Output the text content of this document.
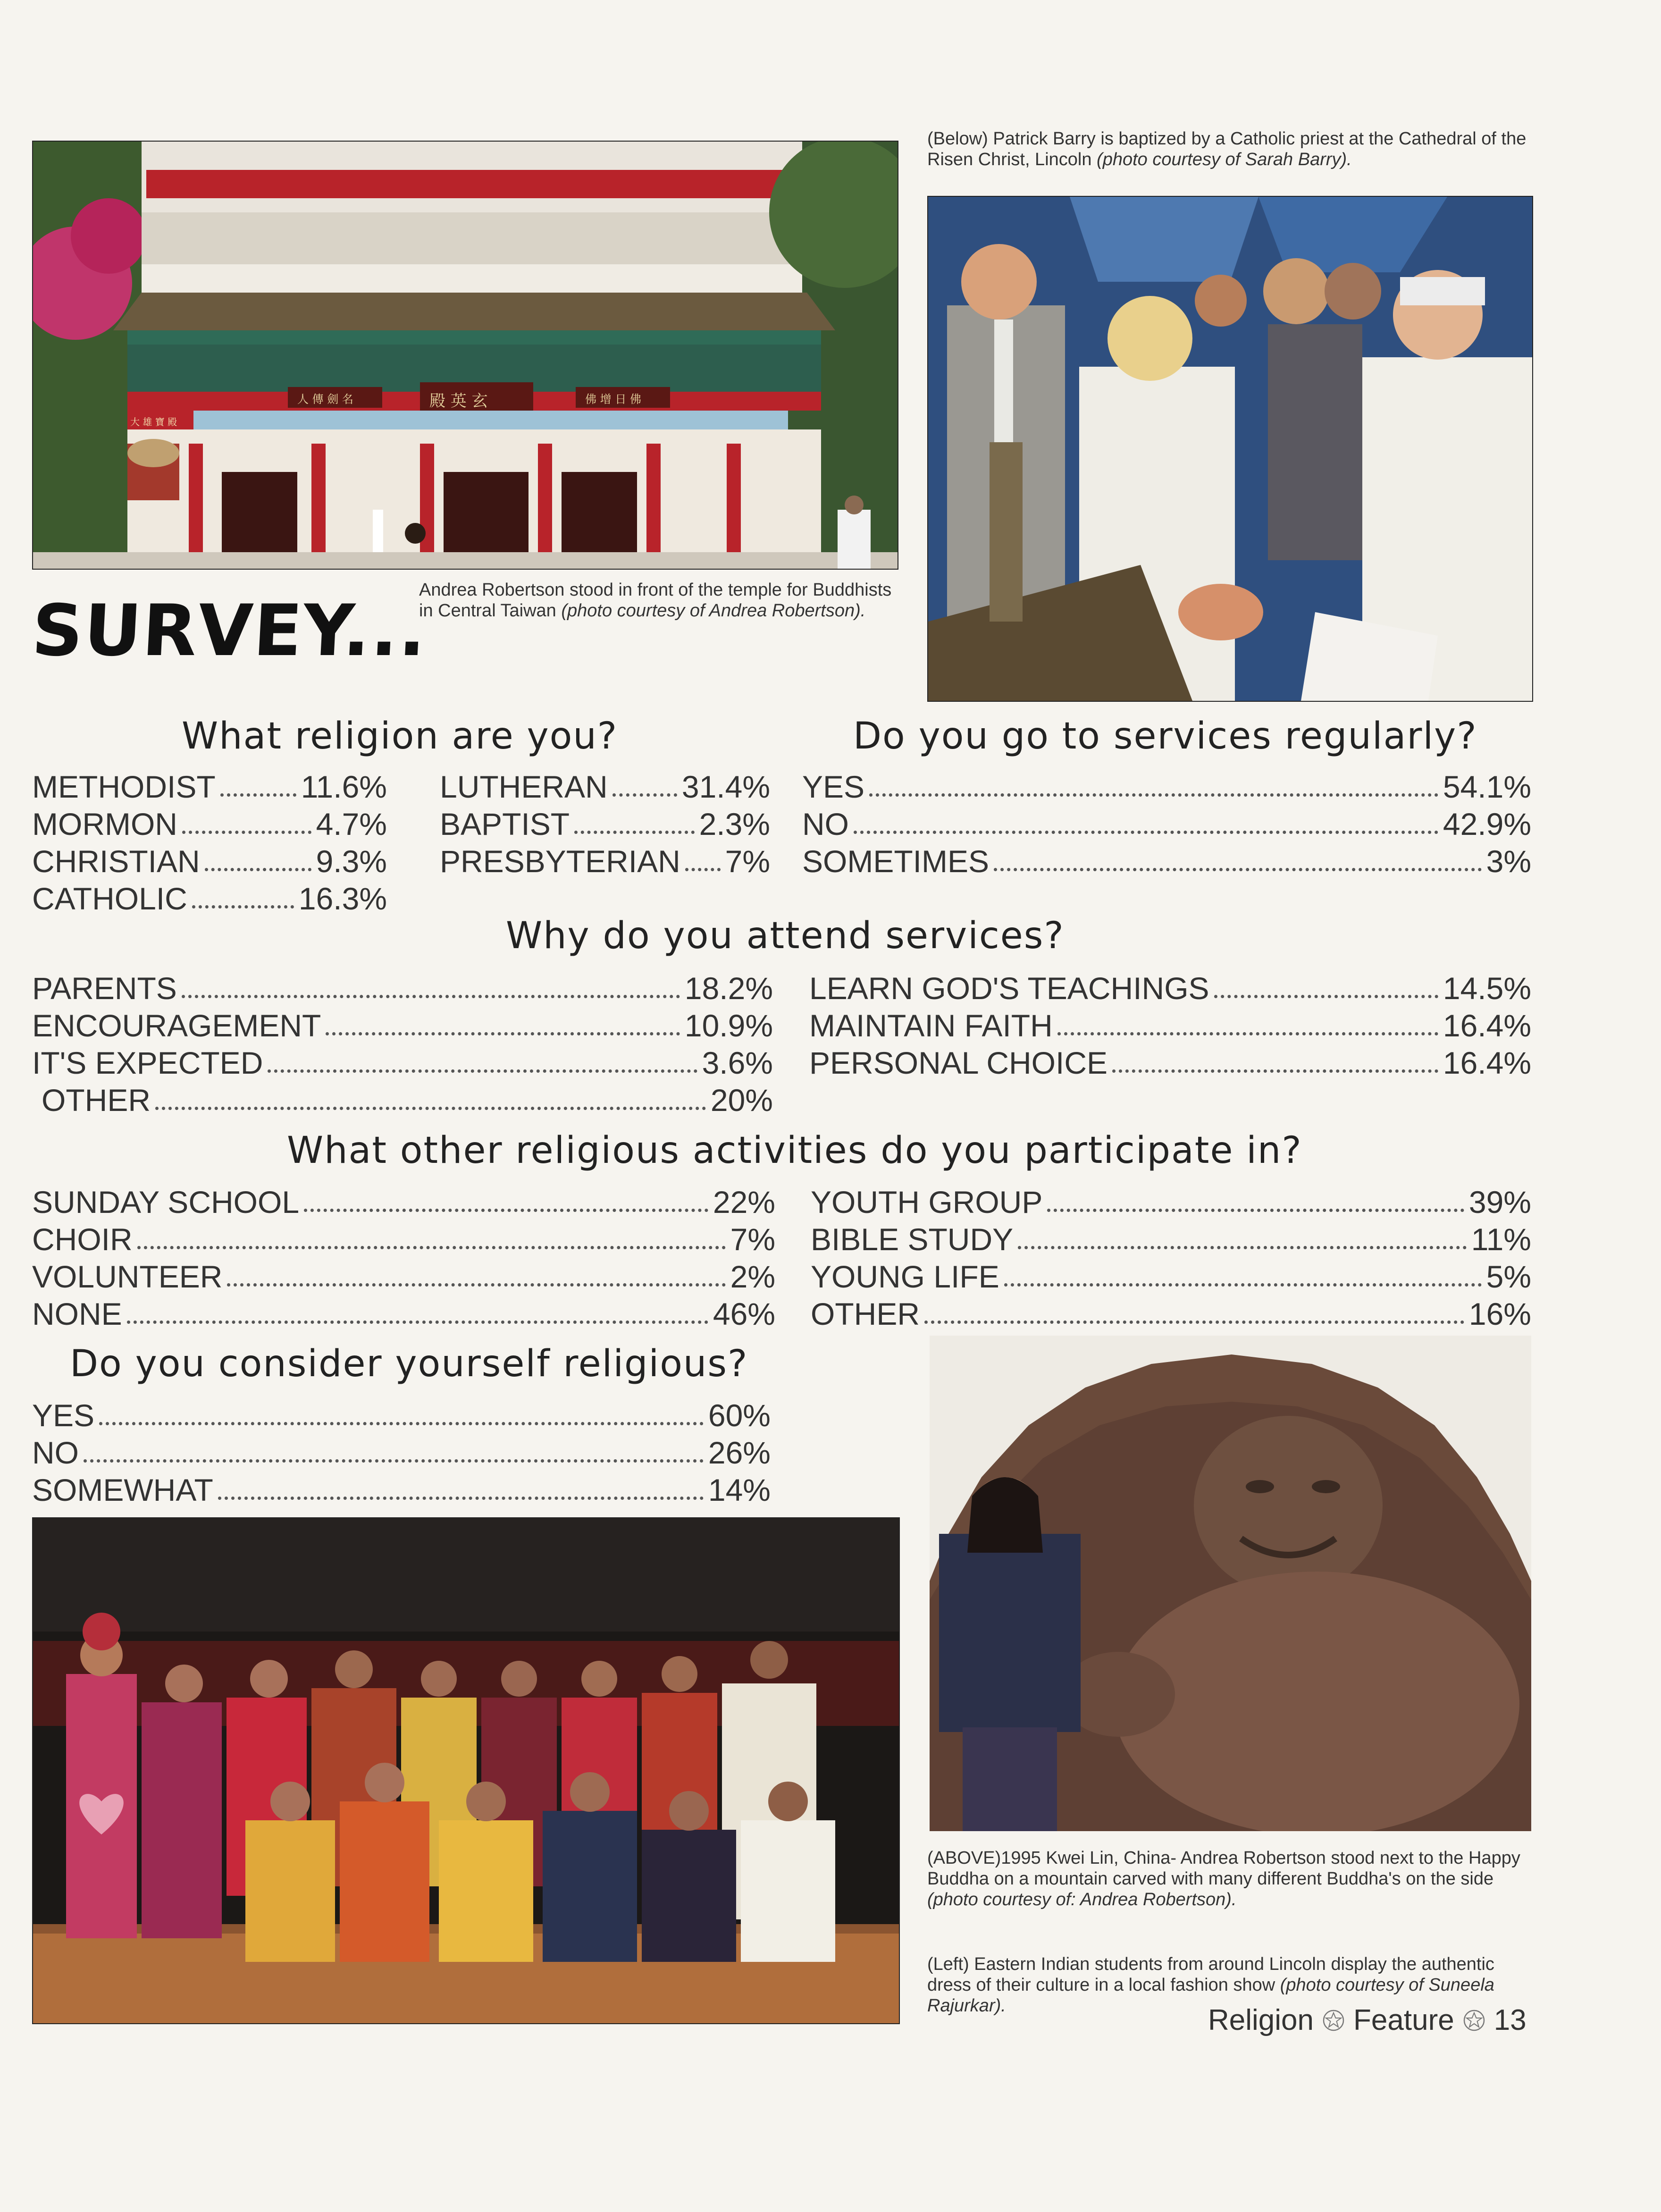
殿 英 玄
人 傳 劍 名	佛 增 日 佛
大 雄 寶 殿
Andrea Robertson stood in front of the temple for Buddhists in Central Taiwan (photo courtesy of Andrea Robertson).
(Below) Patrick Barry is baptized by a Catholic priest at the Cathedral of the Risen Christ, Lincoln (photo courtesy of Sarah Barry).
SURVEY...
What religion are you?
METHODIST	11.6%
MORMON	4.7%
CHRISTIAN	9.3%
CATHOLIC	16.3%
LUTHERAN 31.4%
BAPTIST	2.3%
PRESBYTERIAN 7%
Do you go to services regularly?
YES	54.1%
NO	42.9%
SOMETIMES	3%
Why do you attend services?
PARENTS	18.2%
ENCOURAGEMENT	10.9%
IT'S EXPECTED	3.6%
OTHER	20%
LEARN GOD'S TEACHINGS	14.5%
MAINTAIN FAITH	16.4%
PERSONAL CHOICE	16.4%
What other religious activities do you participate in?
SUNDAY SCHOOL	22%
CHOIR	7%
VOLUNTEER	2%
NONE	46%
YOUTH GROUP	39%
BIBLE STUDY	11%
YOUNG LIFE	5%
OTHER	16%
Do you consider yourself religious?
YES	60%
NO	26%
SOMEWHAT	14%
(ABOVE)1995 Kwei Lin, China- Andrea Robertson stood next to the Happy Buddha on a mountain carved with many different Buddha's on the side (photo courtesy of: Andrea Robertson).
(Left) Eastern Indian students from around Lincoln display the authentic dress of their culture in a local fashion show (photo courtesy of Suneela Rajurkar).	Religion Feature 13
